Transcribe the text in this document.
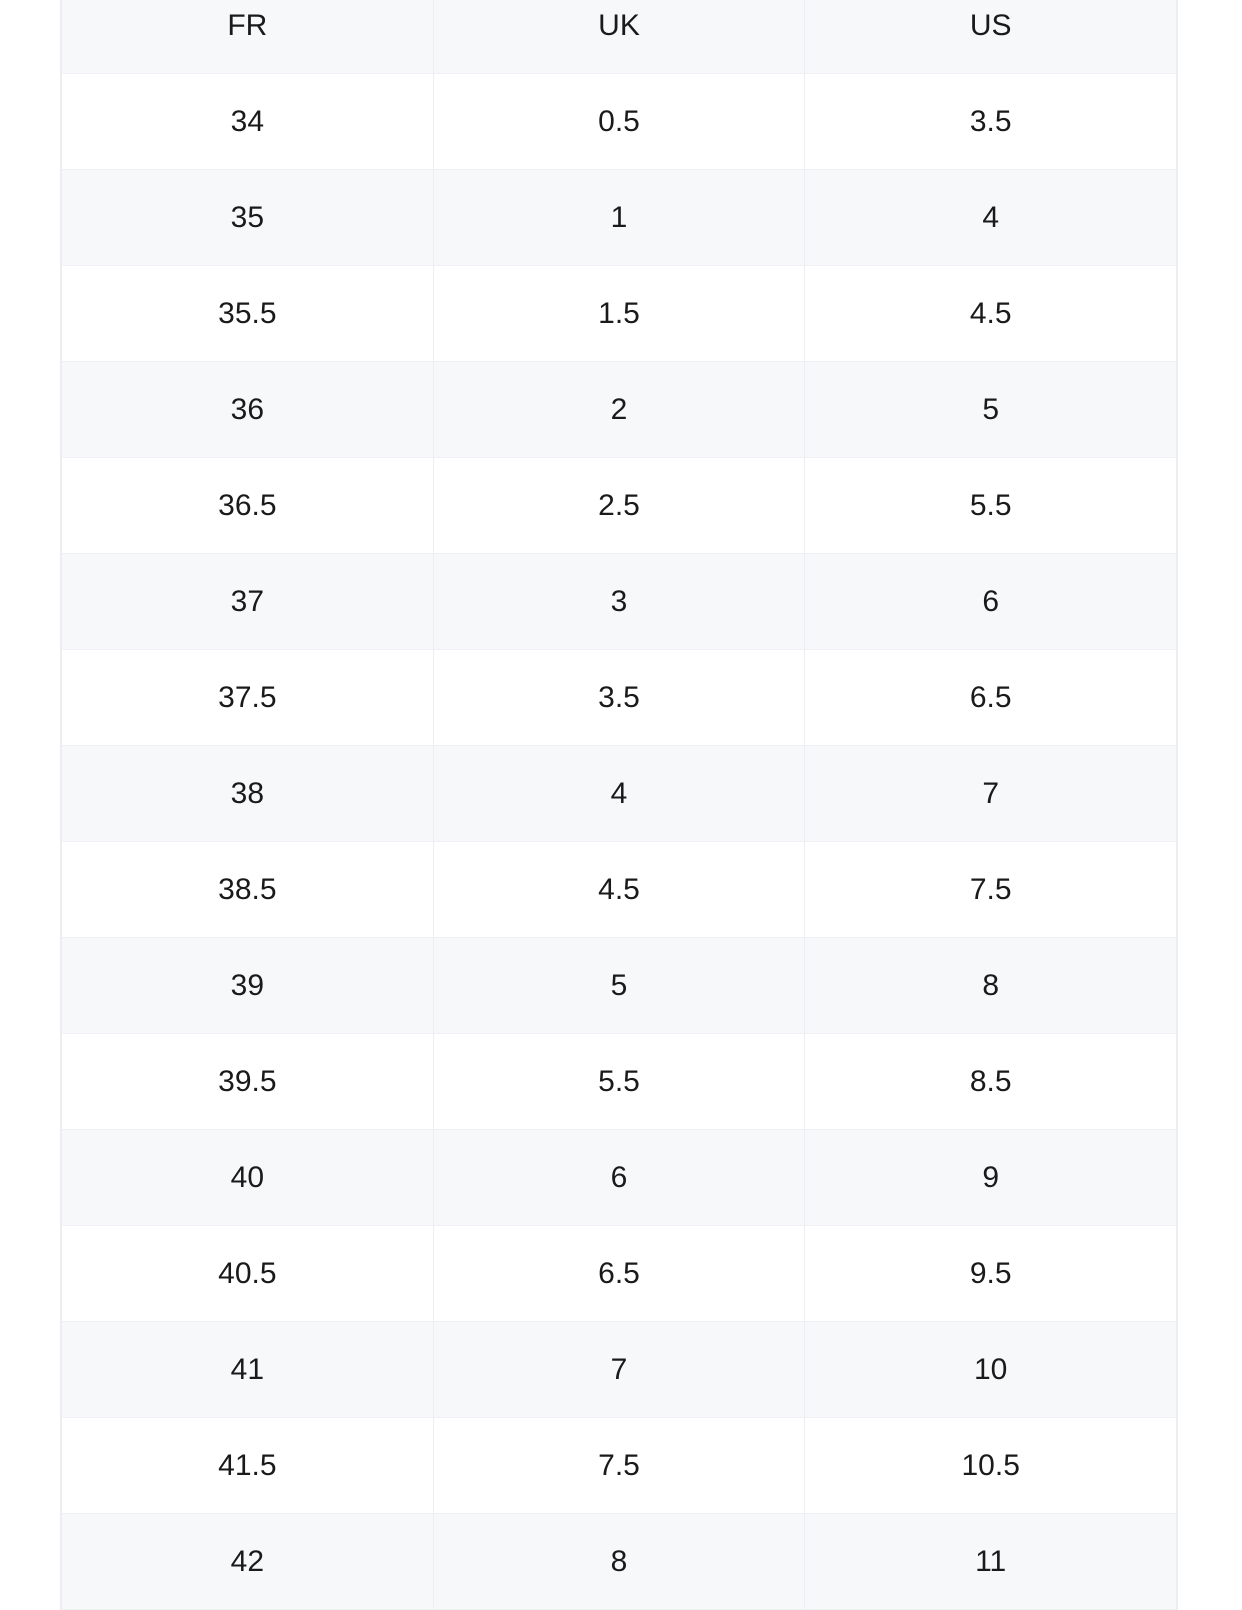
FR	UK	US
34	0.5	3.5
35	1	4
35.5	1.5	4.5
36	2	5
36.5	2.5	5.5
37	3	6
37.5	3.5	6.5
38	4	7
38.5	4.5	7.5
39	5	8
39.5	5.5	8.5
40	6	9
40.5	6.5	9.5
41	7	10
41.5	7.5	10.5
42	8	11
